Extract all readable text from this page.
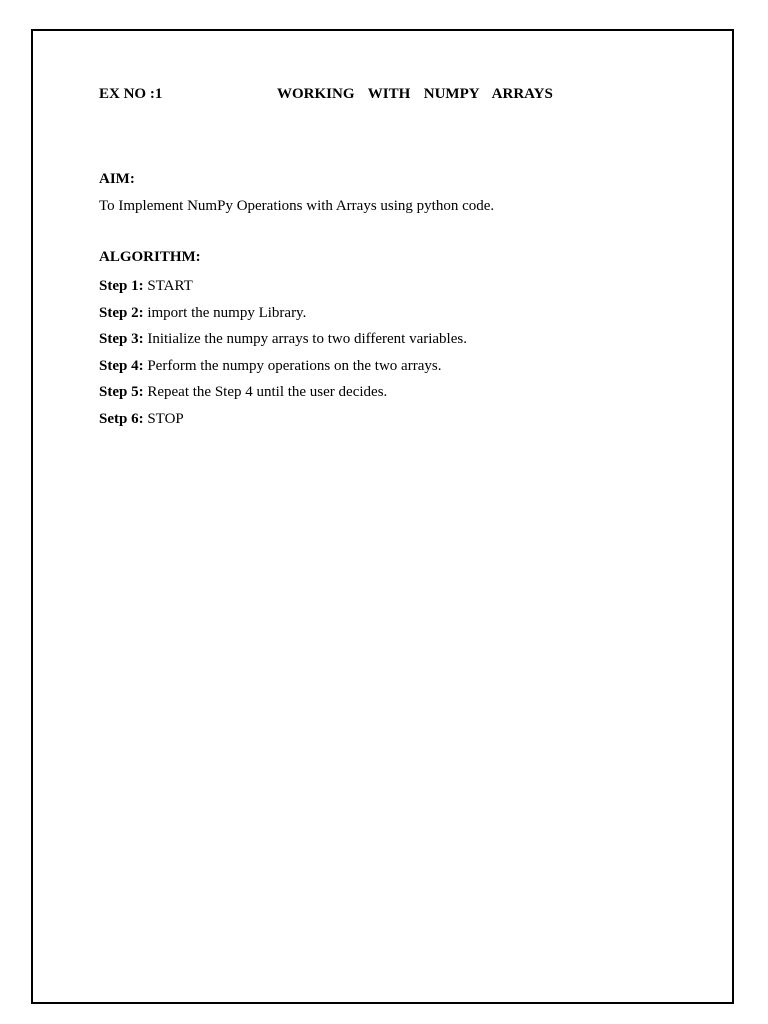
EX NO :1	WORKING  WITH  NUMPY  ARRAYS
AIM:
To Implement NumPy Operations with Arrays using python code.
ALGORITHM:
Step 1: START
Step 2: import the numpy Library.
Step 3: Initialize the numpy arrays to two different variables.
Step 4: Perform the numpy operations on the two arrays.
Step 5: Repeat the Step 4 until the user decides.
Setp 6: STOP
